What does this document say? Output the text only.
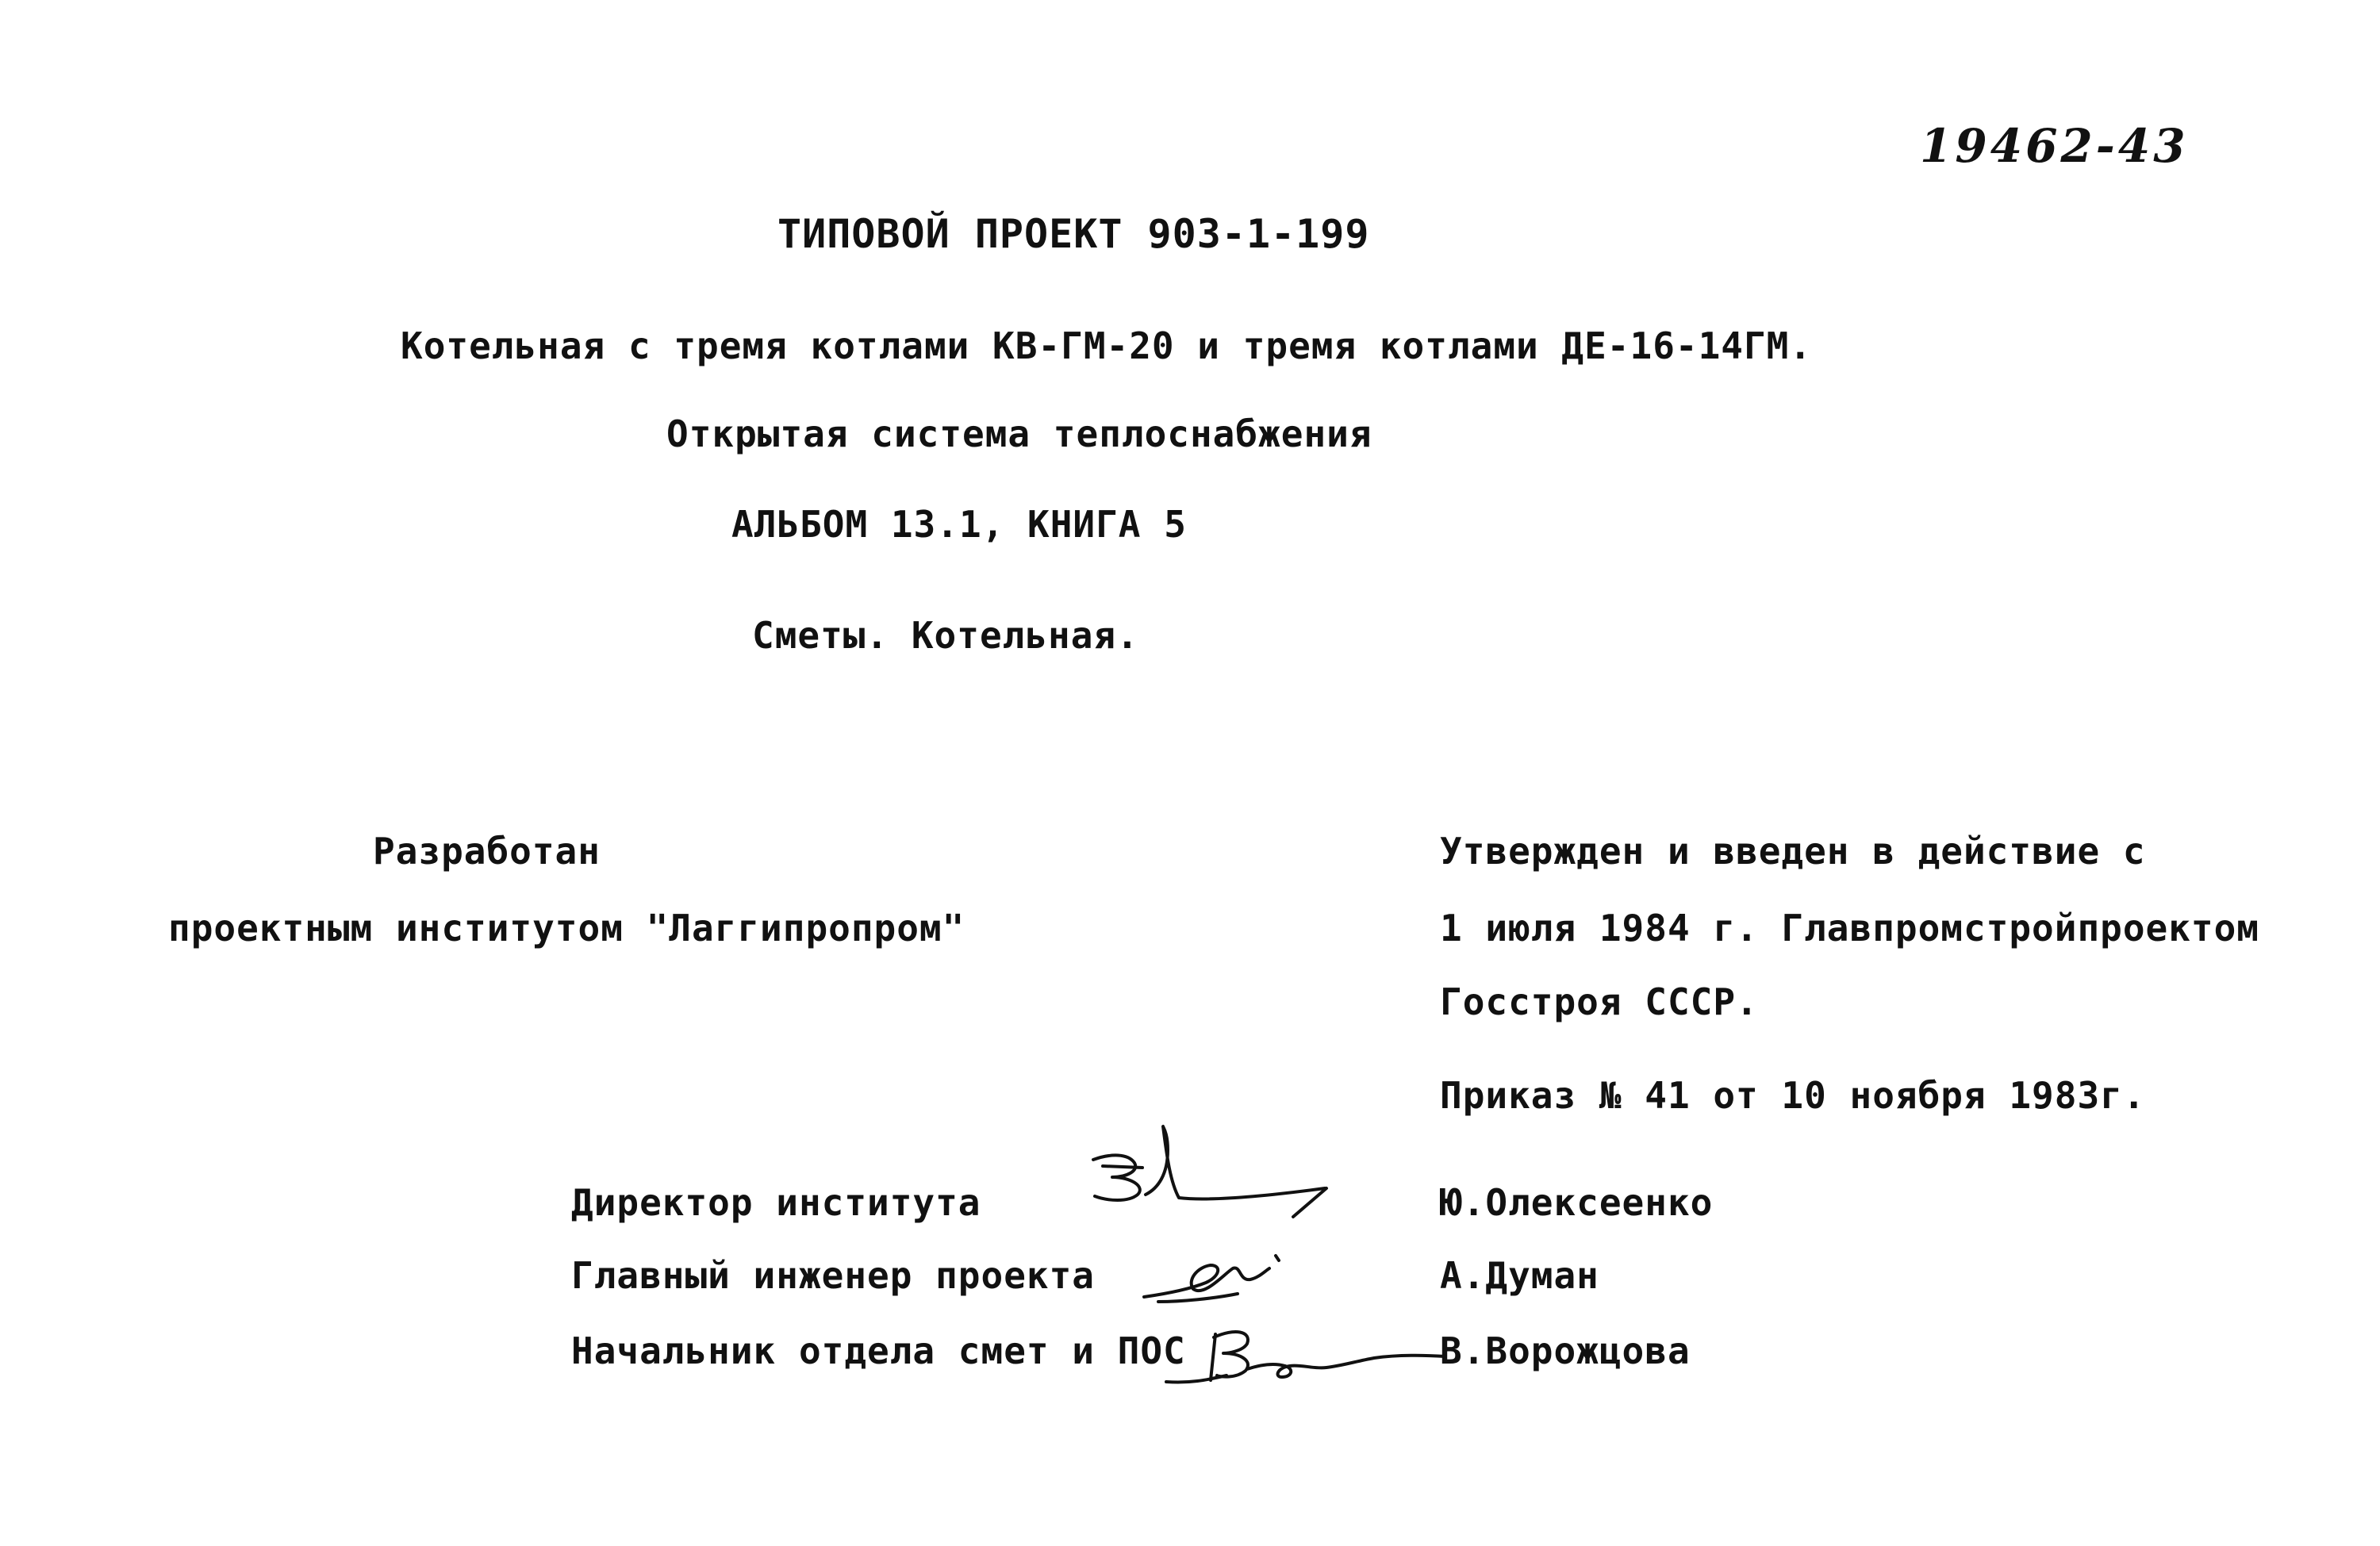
19462-43
ТИПОВОЙ ПРОЕКТ 903-1-199
Котельная с тремя котлами КВ-ГМ-20 и тремя котлами ДЕ-16-14ГМ.
Открытая система теплоснабжения
АЛЬБОМ 13.1, КНИГА 5
Сметы. Котельная.
Разработан
проектным институтом "Лаггипропром"
Утвержден и введен в действие с
1 июля 1984 г. Главпромстройпроектом
Госстроя СССР.
Приказ № 41 от 10 ноября 1983г.
Директор института	Ю.Олексеенко
Главный инженер проекта	А.Думан
Начальник отдела смет и ПОС	В.Ворожцова
